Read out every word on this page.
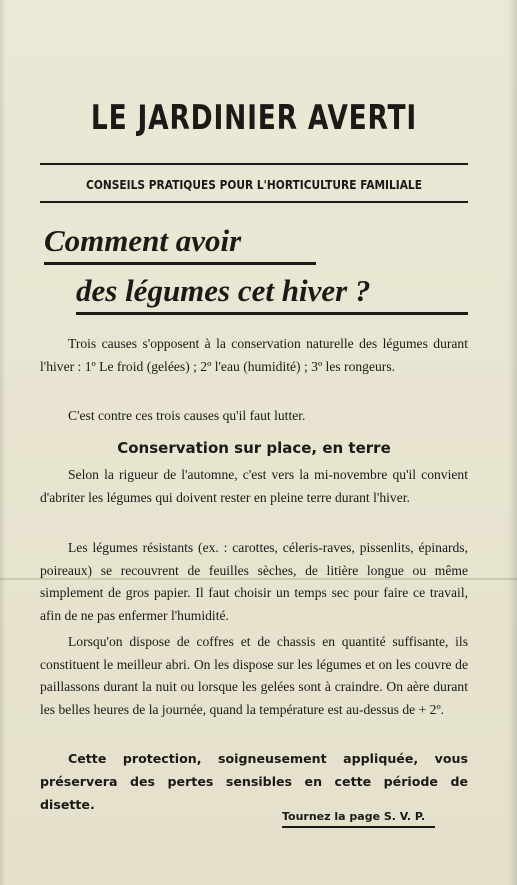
LE JARDINIER AVERTI
CONSEILS PRATIQUES POUR L'HORTICULTURE FAMILIALE
Comment avoir
des légumes cet hiver ?

Trois causes s'opposent à la conservation naturelle des légumes durant l'hiver : 1º Le froid (gelées) ; 2º l'eau (humidité) ; 3º les rongeurs.

C'est contre ces trois causes qu'il faut lutter.

Conservation sur place, en terre

Selon la rigueur de l'automne, c'est vers la mi-novembre qu'il convient d'abriter les légumes qui doivent rester en pleine terre durant l'hiver.

Les légumes résistants (ex. : carottes, céleris-raves, pissenlits, épinards, poireaux) se recouvrent de feuilles sèches, de litière longue ou même simplement de gros papier. Il faut choisir un temps sec pour faire ce travail, afin de ne pas enfermer l'humidité.

Lorsqu'on dispose de coffres et de chassis en quantité suffisante, ils constituent le meilleur abri. On les dispose sur les légumes et on les couvre de paillassons durant la nuit ou lorsque les gelées sont à craindre. On aère durant les belles heures de la journée, quand la température est au-dessus de + 2º.

Cette protection, soigneusement appliquée, vous préservera des pertes sensibles en cette période de disette.

Tournez la page S. V. P.
